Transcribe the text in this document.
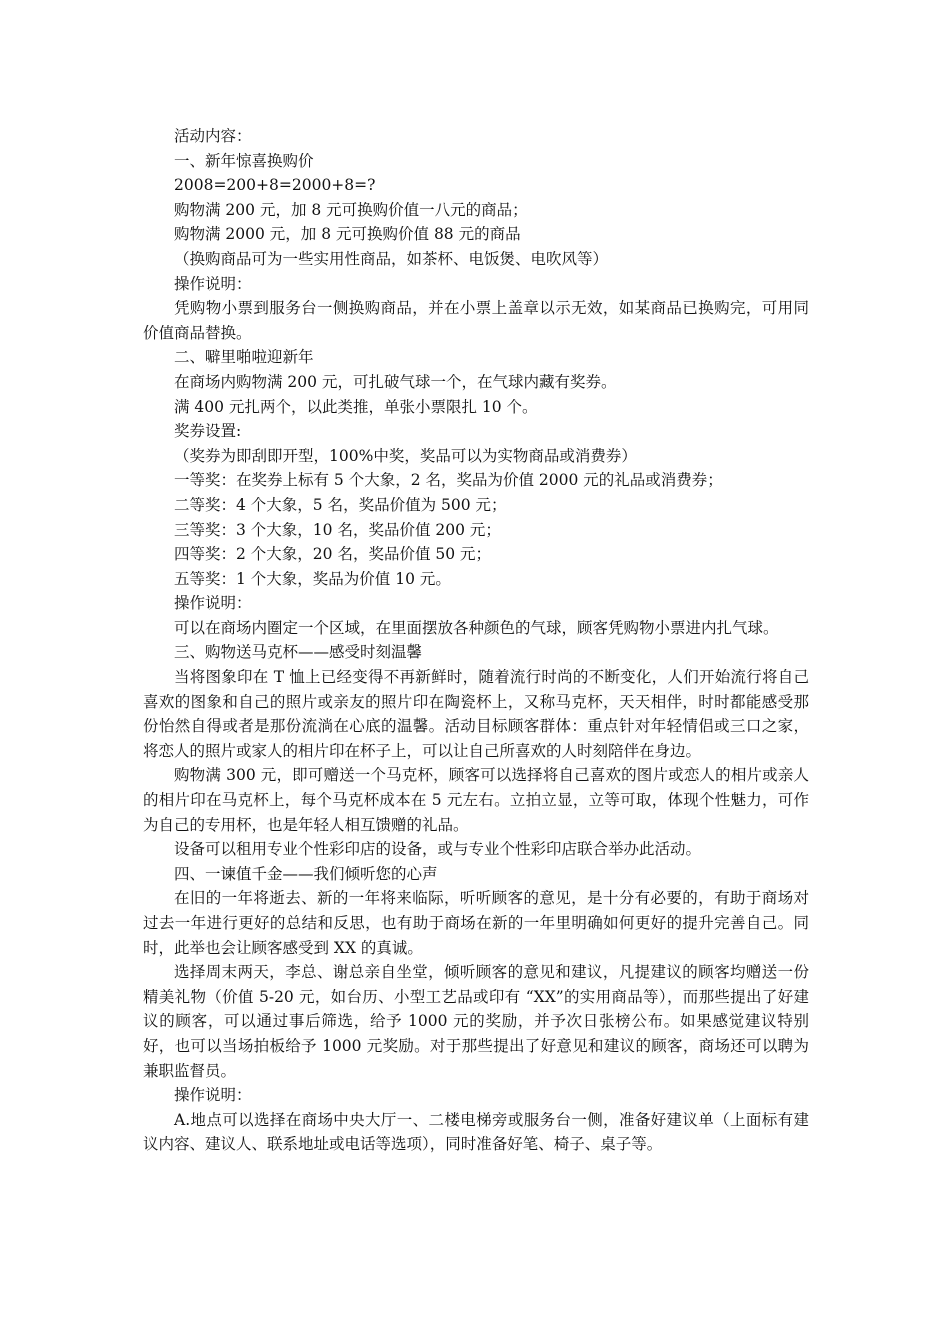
活动内容：

一、新年惊喜换购价

2008=200+8=2000+8=?

购物满 200 元，加 8 元可换购价值一八元的商品；

购物满 2000 元，加 8 元可换购价值 88 元的商品

（换购商品可为一些实用性商品，如茶杯、电饭煲、电吹风等）

操作说明：

凭购物小票到服务台一侧换购商品，并在小票上盖章以示无效，如某商品已换购完，可用同价值商品替换。

二、噼里啪啦迎新年

在商场内购物满 200 元，可扎破气球一个，在气球内藏有奖券。

满 400 元扎两个，以此类推，单张小票限扎 10 个。

奖券设置:

（奖券为即刮即开型，100%中奖，奖品可以为实物商品或消费券）

一等奖：在奖券上标有 5 个大象，2 名，奖品为价值 2000 元的礼品或消费券；

二等奖：4 个大象，5 名，奖品价值为 500 元；

三等奖：3 个大象，10 名，奖品价值 200 元；

四等奖：2 个大象，20 名，奖品价值 50 元；

五等奖：1 个大象，奖品为价值 10 元。

操作说明：

可以在商场内圈定一个区域，在里面摆放各种颜色的气球，顾客凭购物小票进内扎气球。

三、购物送马克杯——感受时刻温馨

当将图象印在 T 恤上已经变得不再新鲜时，随着流行时尚的不断变化，人们开始流行将自己喜欢的图象和自己的照片或亲友的照片印在陶瓷杯上，又称马克杯，天天相伴，时时都能感受那份怡然自得或者是那份流淌在心底的温馨。活动目标顾客群体：重点针对年轻情侣或三口之家，将恋人的照片或家人的相片印在杯子上，可以让自己所喜欢的人时刻陪伴在身边。

购物满 300 元，即可赠送一个马克杯，顾客可以选择将自己喜欢的图片或恋人的相片或亲人的相片印在马克杯上，每个马克杯成本在 5 元左右。立拍立显，立等可取，体现个性魅力，可作为自己的专用杯，也是年轻人相互馈赠的礼品。

设备可以租用专业个性彩印店的设备，或与专业个性彩印店联合举办此活动。

四、一谏值千金——我们倾听您的心声

在旧的一年将逝去、新的一年将来临际，听听顾客的意见，是十分有必要的，有助于商场对过去一年进行更好的总结和反思，也有助于商场在新的一年里明确如何更好的提升完善自己。同时，此举也会让顾客感受到 XX 的真诚。

选择周末两天，李总、谢总亲自坐堂，倾听顾客的意见和建议，凡提建议的顾客均赠送一份精美礼物（价值 5-20 元，如台历、小型工艺品或印有 “XX”的实用商品等），而那些提出了好建议的顾客，可以通过事后筛选，给予 1000 元的奖励，并予次日张榜公布。如果感觉建议特别好，也可以当场拍板给予 1000 元奖励。对于那些提出了好意见和建议的顾客，商场还可以聘为兼职监督员。

操作说明：

A.地点可以选择在商场中央大厅一、二楼电梯旁或服务台一侧，准备好建议单（上面标有建议内容、建议人、联系地址或电话等选项），同时准备好笔、椅子、桌子等。
